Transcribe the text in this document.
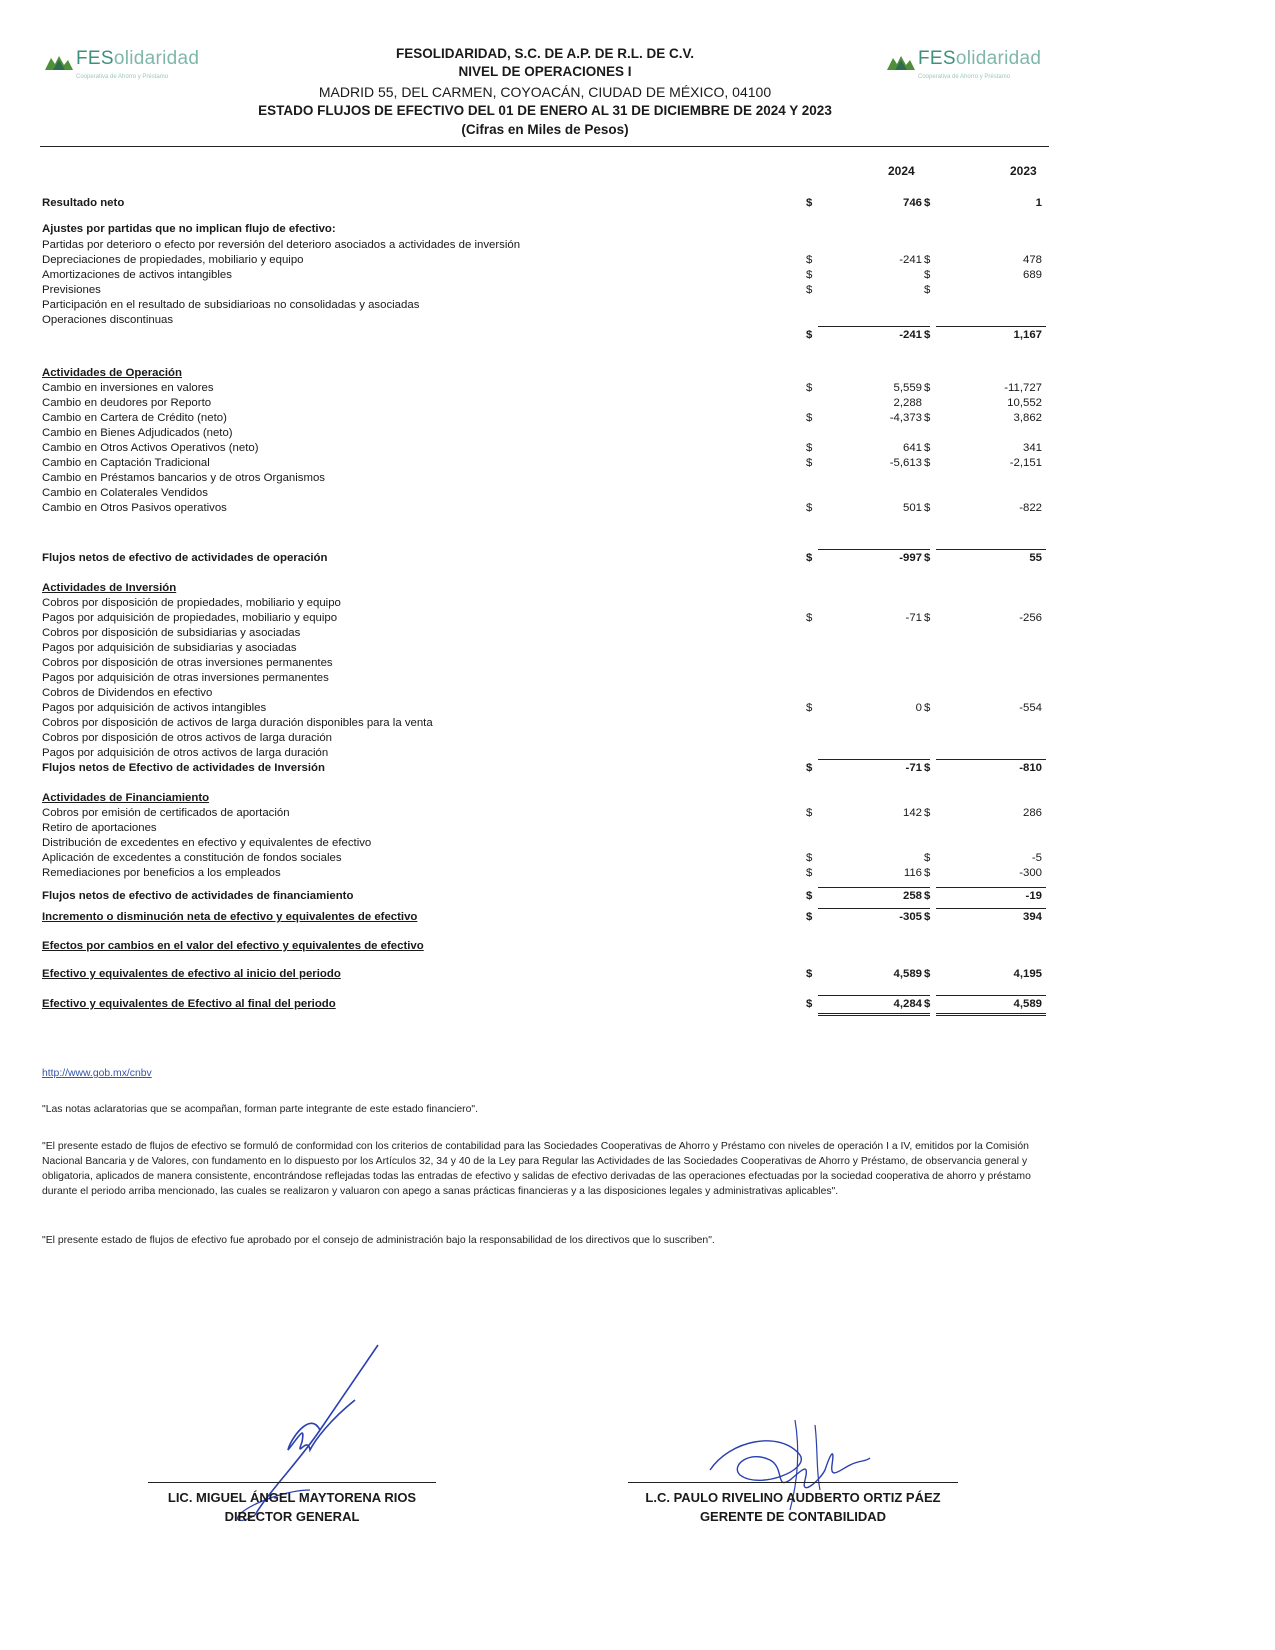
FESolidaridad
Cooperativa de Ahorro y Préstamo
FESolidaridad
Cooperativa de Ahorro y Préstamo
FESOLIDARIDAD, S.C. DE A.P. DE R.L. DE C.V.
NIVEL DE OPERACIONES I
MADRID 55, DEL CARMEN, COYOACÁN, CIUDAD DE MÉXICO, 04100
ESTADO FLUJOS DE EFECTIVO DEL 01 DE ENERO AL 31 DE DICIEMBRE DE 2024 Y 2023
(Cifras en Miles de Pesos)
2024	2023
Resultado neto	$	746 $	1
Ajustes por partidas que no implican flujo de efectivo:
Partidas por deterioro o efecto por reversión del deterioro asociados a actividades de inversión
Depreciaciones de propiedades, mobiliario y equipo	$	-241 $	478
Amortizaciones de activos intangibles	$	$	689
Previsiones	$	$
Participación en el resultado de subsidiarioas no consolidadas y asociadas
Operaciones discontinuas
$	-241 $	1,167
Actividades de Operación
Cambio en inversiones en valores	$	5,559 $	-11,727
Cambio en deudores por Reporto	2,288	10,552
Cambio en Cartera de Crédito (neto)	$	-4,373 $	3,862
Cambio en Bienes Adjudicados (neto)
Cambio en Otros Activos Operativos (neto)	$	641 $	341
Cambio en Captación Tradicional	$	-5,613 $	-2,151
Cambio en Préstamos bancarios y de otros Organismos
Cambio en Colaterales Vendidos
Cambio en Otros Pasivos operativos	$	501 $	-822
Flujos netos de efectivo de actividades de operación	$	-997 $	55
Actividades de Inversión
Cobros por disposición de propiedades, mobiliario y equipo
Pagos por adquisición de propiedades, mobiliario y equipo	$	-71 $	-256
Cobros por disposición de subsidiarias y asociadas
Pagos por adquisición de subsidiarias y asociadas
Cobros por disposición de otras inversiones permanentes
Pagos por adquisición de otras inversiones permanentes
Cobros de Dividendos en efectivo
Pagos por adquisición de activos intangibles	$	0 $	-554
Cobros por disposición de activos de larga duración disponibles para la venta
Cobros por disposición de otros activos de larga duración
Pagos por adquisición de otros activos de larga duración
Flujos netos de Efectivo de actividades de Inversión	$	-71 $	-810
Actividades de Financiamiento
Cobros por emisión de certificados de aportación	$	142 $	286
Retiro de aportaciones
Distribución de excedentes en efectivo y equivalentes de efectivo
Aplicación de excedentes a constitución de fondos sociales	$	$	-5
Remediaciones por beneficios a los empleados	$	116 $	-300
Flujos netos de efectivo de actividades de financiamiento	$	258 $	-19
Incremento o disminución neta de efectivo y equivalentes de efectivo	$	-305 $	394
Efectos por cambios en el valor del efectivo y equivalentes de efectivo
Efectivo y equivalentes de efectivo al inicio del periodo	$	4,589 $	4,195
Efectivo y equivalentes de Efectivo al final del periodo	$	4,284 $	4,589
http://www.gob.mx/cnbv
"Las notas aclaratorias que se acompañan, forman parte integrante de este estado financiero".
"El presente estado de flujos de efectivo se formuló de conformidad con los criterios de contabilidad para las Sociedades Cooperativas de Ahorro y Préstamo con niveles de operación I a IV, emitidos por la Comisión Nacional Bancaria y de Valores, con fundamento en lo dispuesto por los Artículos 32, 34 y 40 de la Ley para Regular las Actividades de las Sociedades Cooperativas de Ahorro y Préstamo, de observancia general y obligatoria, aplicados de manera consistente, encontrándose reflejadas todas las entradas de efectivo y salidas de efectivo derivadas de las operaciones efectuadas por la sociedad cooperativa de ahorro y préstamo durante el periodo arriba mencionado, las cuales se realizaron y valuaron con apego a sanas prácticas financieras y a las disposiciones legales y administrativas aplicables".
"El presente estado de flujos de efectivo fue aprobado por el consejo de administración bajo la responsabilidad de los directivos que lo suscriben".
LIC. MIGUEL ÁNGEL MAYTORENA RIOS
DIRECTOR GENERAL
L.C. PAULO RIVELINO AUDBERTO ORTIZ PÁEZ
GERENTE DE CONTABILIDAD
